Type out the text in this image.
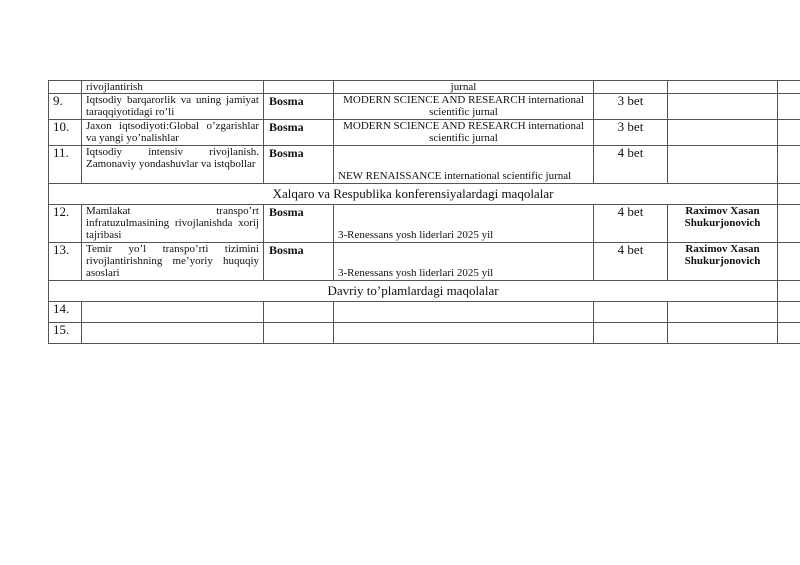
	rivojlantirish		jurnal			
9.	Iqtsodiy barqarorlik va uning jamiyat taraqqiyotidagi ro’li	Bosma	MODERN SCIENCE AND RESEARCH international scientific jurnal	3 bet		
10.	Jaxon iqtsodiyoti:Global o’zgarishlar va yangi yo’nalishlar	Bosma	MODERN SCIENCE AND RESEARCH international scientific jurnal	3 bet		
11.	Iqtsodiy intensiv rivojlanish. Zamonaviy yondashuvlar va istqbollar	Bosma	NEW RENAISSANCE international scientific jurnal	4 bet		
Xalqaro va Respublika konferensiyalardagi maqolalar						
12.	Mamlakat transpo’rt infratuzulmasining rivojlanishda xorij tajribasi	Bosma	3-Renessans yosh liderlari 2025 yil	4 bet	Raximov Xasan Shukurjonovich	
13.	Temir yo’l transpo’rti tizimini rivojlantirishning me’yoriy huquqiy asoslari	Bosma	3-Renessans yosh liderlari 2025 yil	4 bet	Raximov Xasan Shukurjonovich	
Davriy to’plamlardagi maqolalar						
14.						
15.						
